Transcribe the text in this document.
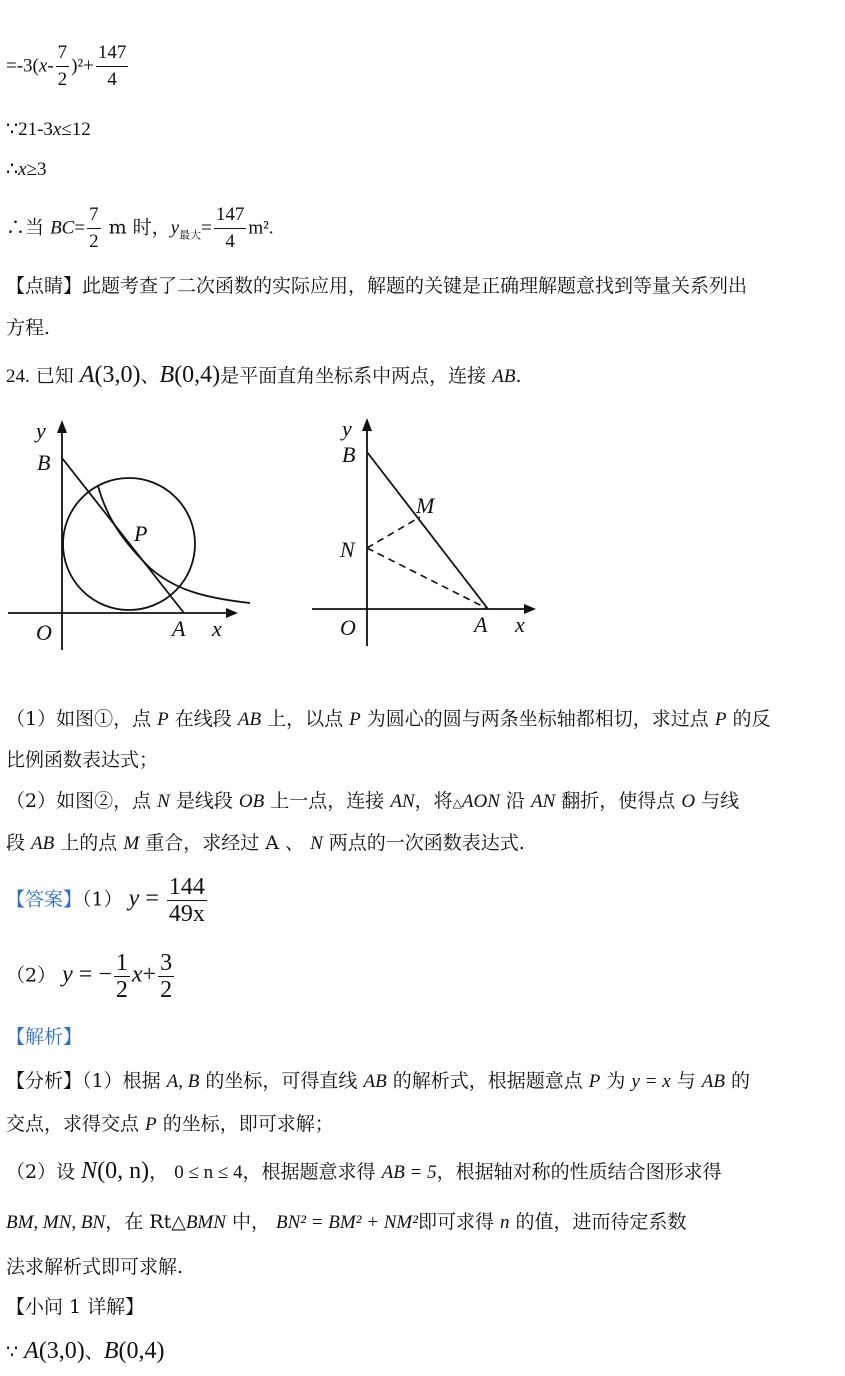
$=-3(x- \frac{7}{2} )^2+ \frac{147}{4}$
∵21-3x≤12
∴x≥3
∴当 $BC= \frac{7}{2}$ m 时，$y_{最大}= \frac{147}{4} m^2$.
【点睛】此题考查了二次函数的实际应用，解题的关键是正确理解题意找到等量关系列出
方程.
24. 已知 A(3,0)、B(0,4)是平面直角坐标系中两点，连接 AB.
y
B
P
O	A x
y
B
M
N
O	A x
（1）如图①，点 P 在线段 AB 上，以点 P 为圆心的圆与两条坐标轴都相切，求过点 P 的反
比例函数表达式；
（2）如图②，点 N 是线段 OB 上一点，连接 AN，将△AON 沿 AN 翻折，使得点 O 与线
段 AB 上的点 M 重合，求经过 A 、 N 两点的一次函数表达式.
【答案】（1） $y = \frac{144}{49x}$
（2） y = − $\frac{1}{2} x+ \frac{3}{2}$
【解析】
【分析】（1）根据 A, B 的坐标，可得直线 AB 的解析式，根据题意点 P 为 y = x 与 AB 的
交点，求得交点 P 的坐标，即可求解；
（2）设 N(0, n)， 0 ≤ n ≤ 4，根据题意求得 AB = 5，根据轴对称的性质结合图形求得
BM, MN, BN，在 Rt△BMN 中， BN² = BM² + NM²即可求得 n 的值，进而待定系数
法求解析式即可求解.
【小问 1 详解】
∵ A(3,0)、B(0,4)
